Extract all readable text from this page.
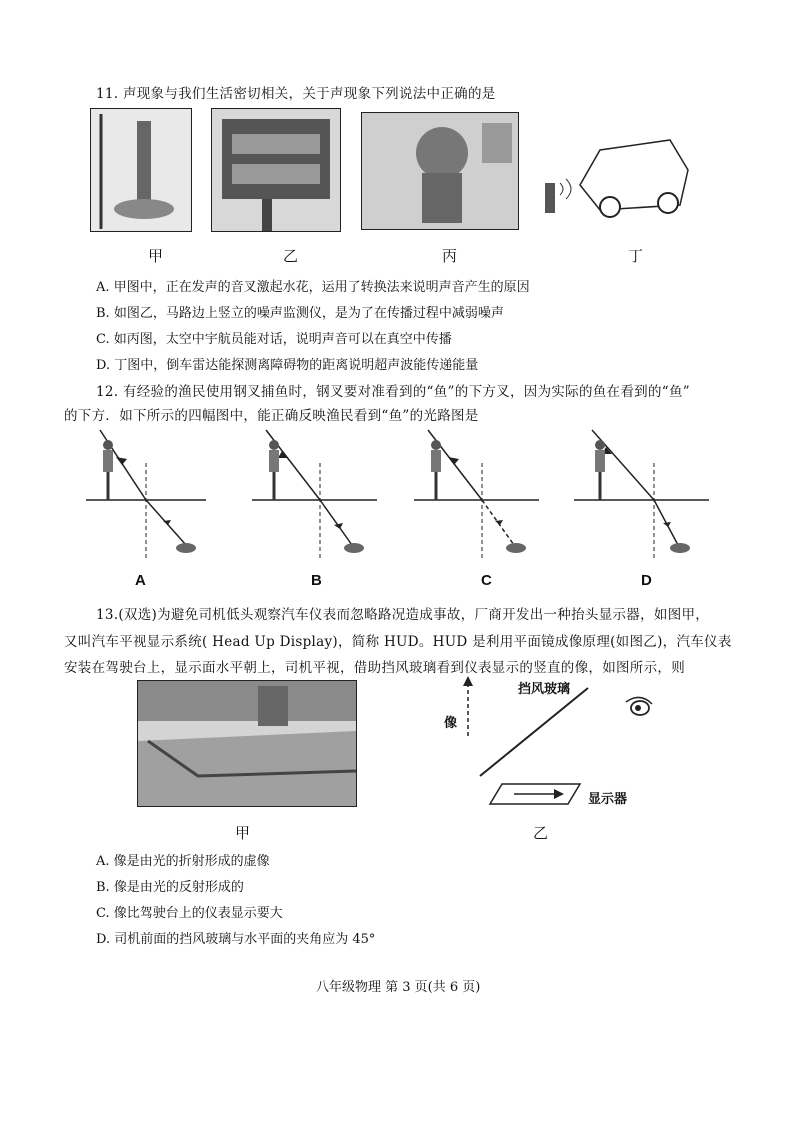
11. 声现象与我们生活密切相关，关于声现象下列说法中正确的是
甲	乙	丙	丁
A. 甲图中，正在发声的音叉激起水花，运用了转换法来说明声音产生的原因
B. 如图乙，马路边上竖立的噪声监测仪，是为了在传播过程中减弱噪声
C. 如丙图，太空中宇航员能对话，说明声音可以在真空中传播
D. 丁图中，倒车雷达能探测离障碍物的距离说明超声波能传递能量
12. 有经验的渔民使用钢叉捕鱼时，钢叉要对准看到的“鱼”的下方叉，因为实际的鱼在看到的“鱼”
的下方．如下所示的四幅图中，能正确反映渔民看到“鱼”的光路图是
A	B	C	D
13.(双选)为避免司机低头观察汽车仪表而忽略路况造成事故，厂商开发出一种抬头显示器，如图甲，
又叫汽车平视显示系统( Head Up Display)，简称 HUD。HUD 是利用平面镜成像原理(如图乙)，汽车仪表
安装在驾驶台上，显示面水平朝上，司机平视，借助挡风玻璃看到仪表显示的竖直的像，如图所示，则
甲
挡风玻璃
像
显示器
乙
A. 像是由光的折射形成的虚像
B. 像是由光的反射形成的
C. 像比驾驶台上的仪表显示要大
D. 司机前面的挡风玻璃与水平面的夹角应为 45°
八年级物理 第 3 页(共 6 页)
